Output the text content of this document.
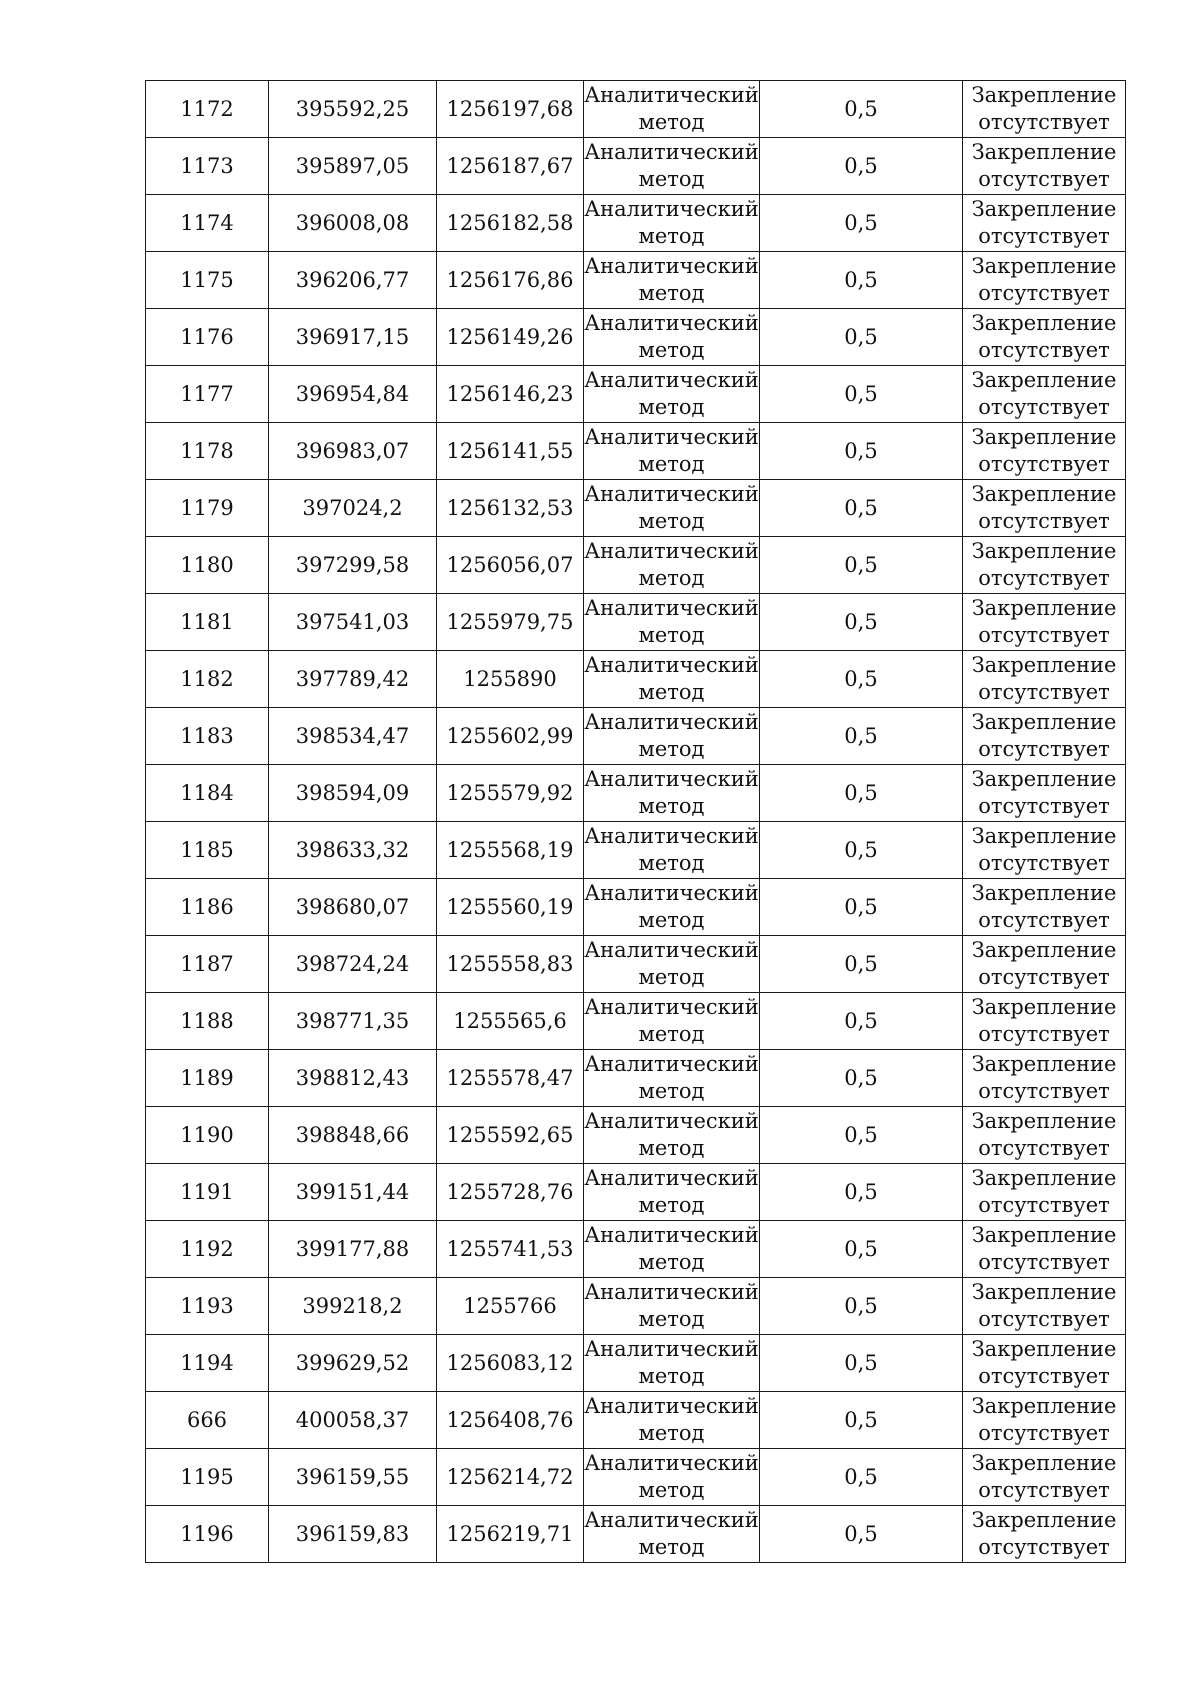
1172	395592,25	1256197,68	Аналитический метод	0,5	Закрепление отсутствует
1173	395897,05	1256187,67	Аналитический метод	0,5	Закрепление отсутствует
1174	396008,08	1256182,58	Аналитический метод	0,5	Закрепление отсутствует
1175	396206,77	1256176,86	Аналитический метод	0,5	Закрепление отсутствует
1176	396917,15	1256149,26	Аналитический метод	0,5	Закрепление отсутствует
1177	396954,84	1256146,23	Аналитический метод	0,5	Закрепление отсутствует
1178	396983,07	1256141,55	Аналитический метод	0,5	Закрепление отсутствует
1179	397024,2	1256132,53	Аналитический метод	0,5	Закрепление отсутствует
1180	397299,58	1256056,07	Аналитический метод	0,5	Закрепление отсутствует
1181	397541,03	1255979,75	Аналитический метод	0,5	Закрепление отсутствует
1182	397789,42	1255890	Аналитический метод	0,5	Закрепление отсутствует
1183	398534,47	1255602,99	Аналитический метод	0,5	Закрепление отсутствует
1184	398594,09	1255579,92	Аналитический метод	0,5	Закрепление отсутствует
1185	398633,32	1255568,19	Аналитический метод	0,5	Закрепление отсутствует
1186	398680,07	1255560,19	Аналитический метод	0,5	Закрепление отсутствует
1187	398724,24	1255558,83	Аналитический метод	0,5	Закрепление отсутствует
1188	398771,35	1255565,6	Аналитический метод	0,5	Закрепление отсутствует
1189	398812,43	1255578,47	Аналитический метод	0,5	Закрепление отсутствует
1190	398848,66	1255592,65	Аналитический метод	0,5	Закрепление отсутствует
1191	399151,44	1255728,76	Аналитический метод	0,5	Закрепление отсутствует
1192	399177,88	1255741,53	Аналитический метод	0,5	Закрепление отсутствует
1193	399218,2	1255766	Аналитический метод	0,5	Закрепление отсутствует
1194	399629,52	1256083,12	Аналитический метод	0,5	Закрепление отсутствует
666	400058,37	1256408,76	Аналитический метод	0,5	Закрепление отсутствует
1195	396159,55	1256214,72	Аналитический метод	0,5	Закрепление отсутствует
1196	396159,83	1256219,71	Аналитический метод	0,5	Закрепление отсутствует
